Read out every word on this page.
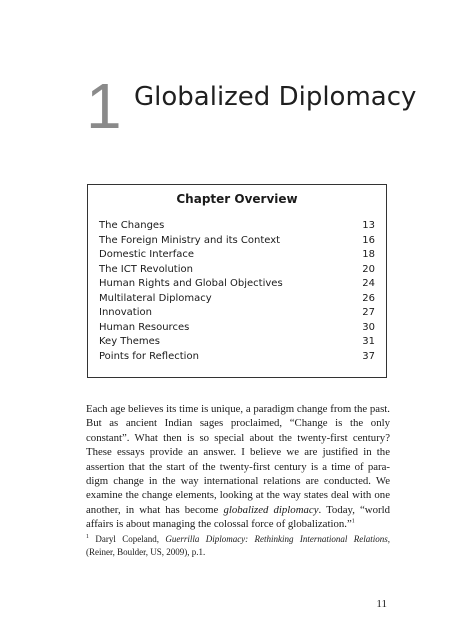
1 Globalized Diplomacy
Chapter Overview
The Changes	13
The Foreign Ministry and its Context	16
Domestic Interface	18
The ICT Revolution	20
Human Rights and Global Objectives	24
Multilateral Diplomacy	26
Innovation	27
Human Resources	30
Key Themes	31
Points for Reflection	37

Each age believes its time is unique, a paradigm change from the past. But as ancient Indian sages proclaimed, “Change is the only constant”. What then is so special about the twenty-first century? These essays provide an answer. I believe we are justified in the assertion that the start of the twenty-first century is a time of para-digm change in the way international relations are conducted. We examine the change elements, looking at the way states deal with one another, in what has become globalized diplomacy. Today, “world affairs is about managing the colossal force of globalization.”$^1$

$^1$ Daryl Copeland, Guerrilla Diplomacy: Rethinking International Relations, (Reiner, Boulder, US, 2009), p.1.

11
